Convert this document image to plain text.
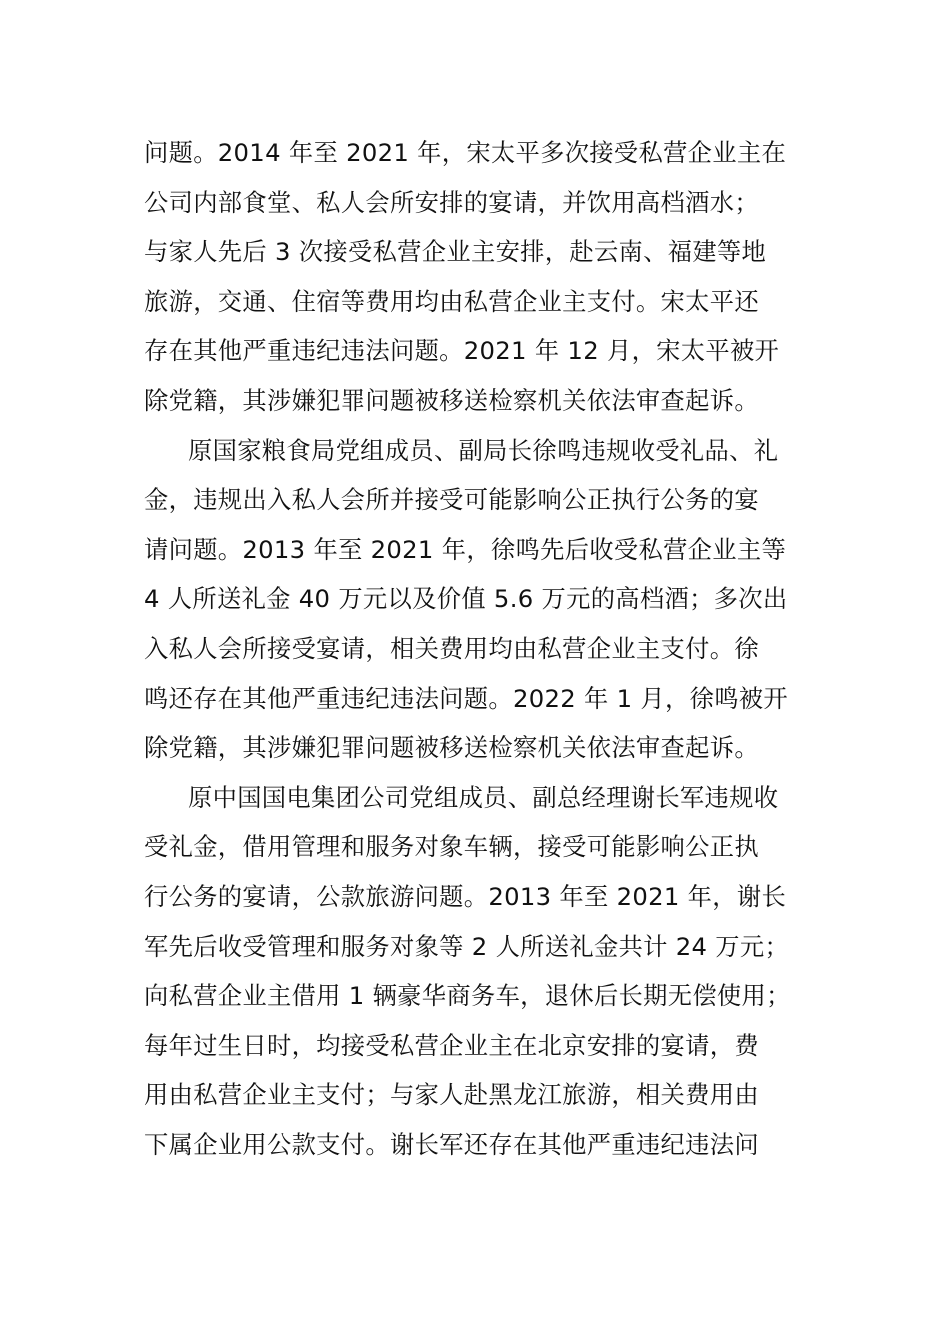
问题。2014 年至 2021 年，宋太平多次接受私营企业主在
公司内部食堂、私人会所安排的宴请，并饮用高档酒水；
与家人先后 3 次接受私营企业主安排，赴云南、福建等地
旅游，交通、住宿等费用均由私营企业主支付。宋太平还
存在其他严重违纪违法问题。2021 年 12 月，宋太平被开
除党籍，其涉嫌犯罪问题被移送检察机关依法审查起诉。
原国家粮食局党组成员、副局长徐鸣违规收受礼品、礼
金，违规出入私人会所并接受可能影响公正执行公务的宴
请问题。2013 年至 2021 年，徐鸣先后收受私营企业主等
4 人所送礼金 40 万元以及价值 5.6 万元的高档酒；多次出
入私人会所接受宴请，相关费用均由私营企业主支付。徐
鸣还存在其他严重违纪违法问题。2022 年 1 月，徐鸣被开
除党籍，其涉嫌犯罪问题被移送检察机关依法审查起诉。
原中国国电集团公司党组成员、副总经理谢长军违规收
受礼金，借用管理和服务对象车辆，接受可能影响公正执
行公务的宴请，公款旅游问题。2013 年至 2021 年，谢长
军先后收受管理和服务对象等 2 人所送礼金共计 24 万元；
向私营企业主借用 1 辆豪华商务车，退休后长期无偿使用；
每年过生日时，均接受私营企业主在北京安排的宴请，费
用由私营企业主支付；与家人赴黑龙江旅游，相关费用由
下属企业用公款支付。谢长军还存在其他严重违纪违法问
